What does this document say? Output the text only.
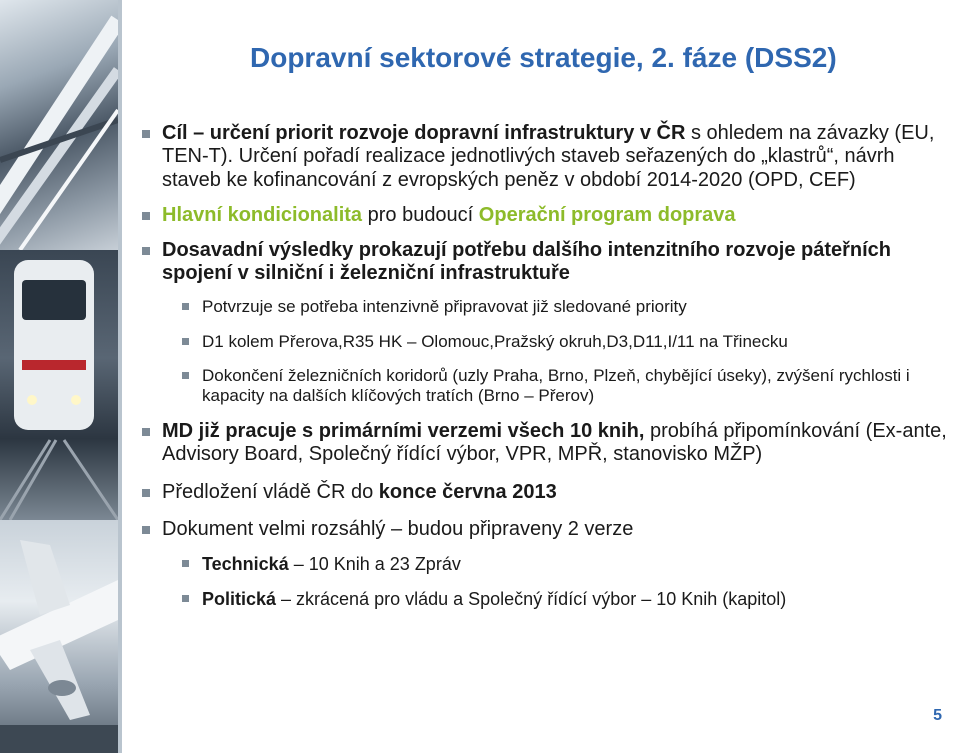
Dopravní sektorové strategie, 2. fáze (DSS2)
Cíl – určení priorit rozvoje dopravní infrastruktury v ČR s ohledem na závazky (EU, TEN-T). Určení pořadí realizace jednotlivých staveb seřazených do „klastrů“, návrh staveb ke kofinancování z evropských peněz v období 2014-2020 (OPD, CEF)
Hlavní kondicionalita pro budoucí Operační program doprava
Dosavadní výsledky prokazují potřebu dalšího intenzitního rozvoje páteřních spojení v silniční i železniční infrastruktuře
Potvrzuje se potřeba intenzivně připravovat již sledované priority
D1 kolem Přerova,R35 HK – Olomouc,Pražský okruh,D3,D11,I/11 na Třinecku
Dokončení železničních koridorů (uzly Praha, Brno, Plzeň, chybějící úseky), zvýšení rychlosti i kapacity na dalších klíčových tratích (Brno – Přerov)
MD již pracuje s primárními verzemi všech 10 knih, probíhá připomínkování (Ex-ante, Advisory Board, Společný řídící výbor, VPR, MPŘ, stanovisko MŽP)
Předložení vládě ČR do konce června 2013
Dokument velmi rozsáhlý – budou připraveny 2 verze
Technická – 10 Knih a 23 Zpráv
Politická – zkrácená pro vládu a Společný řídící výbor – 10 Knih (kapitol)
5
